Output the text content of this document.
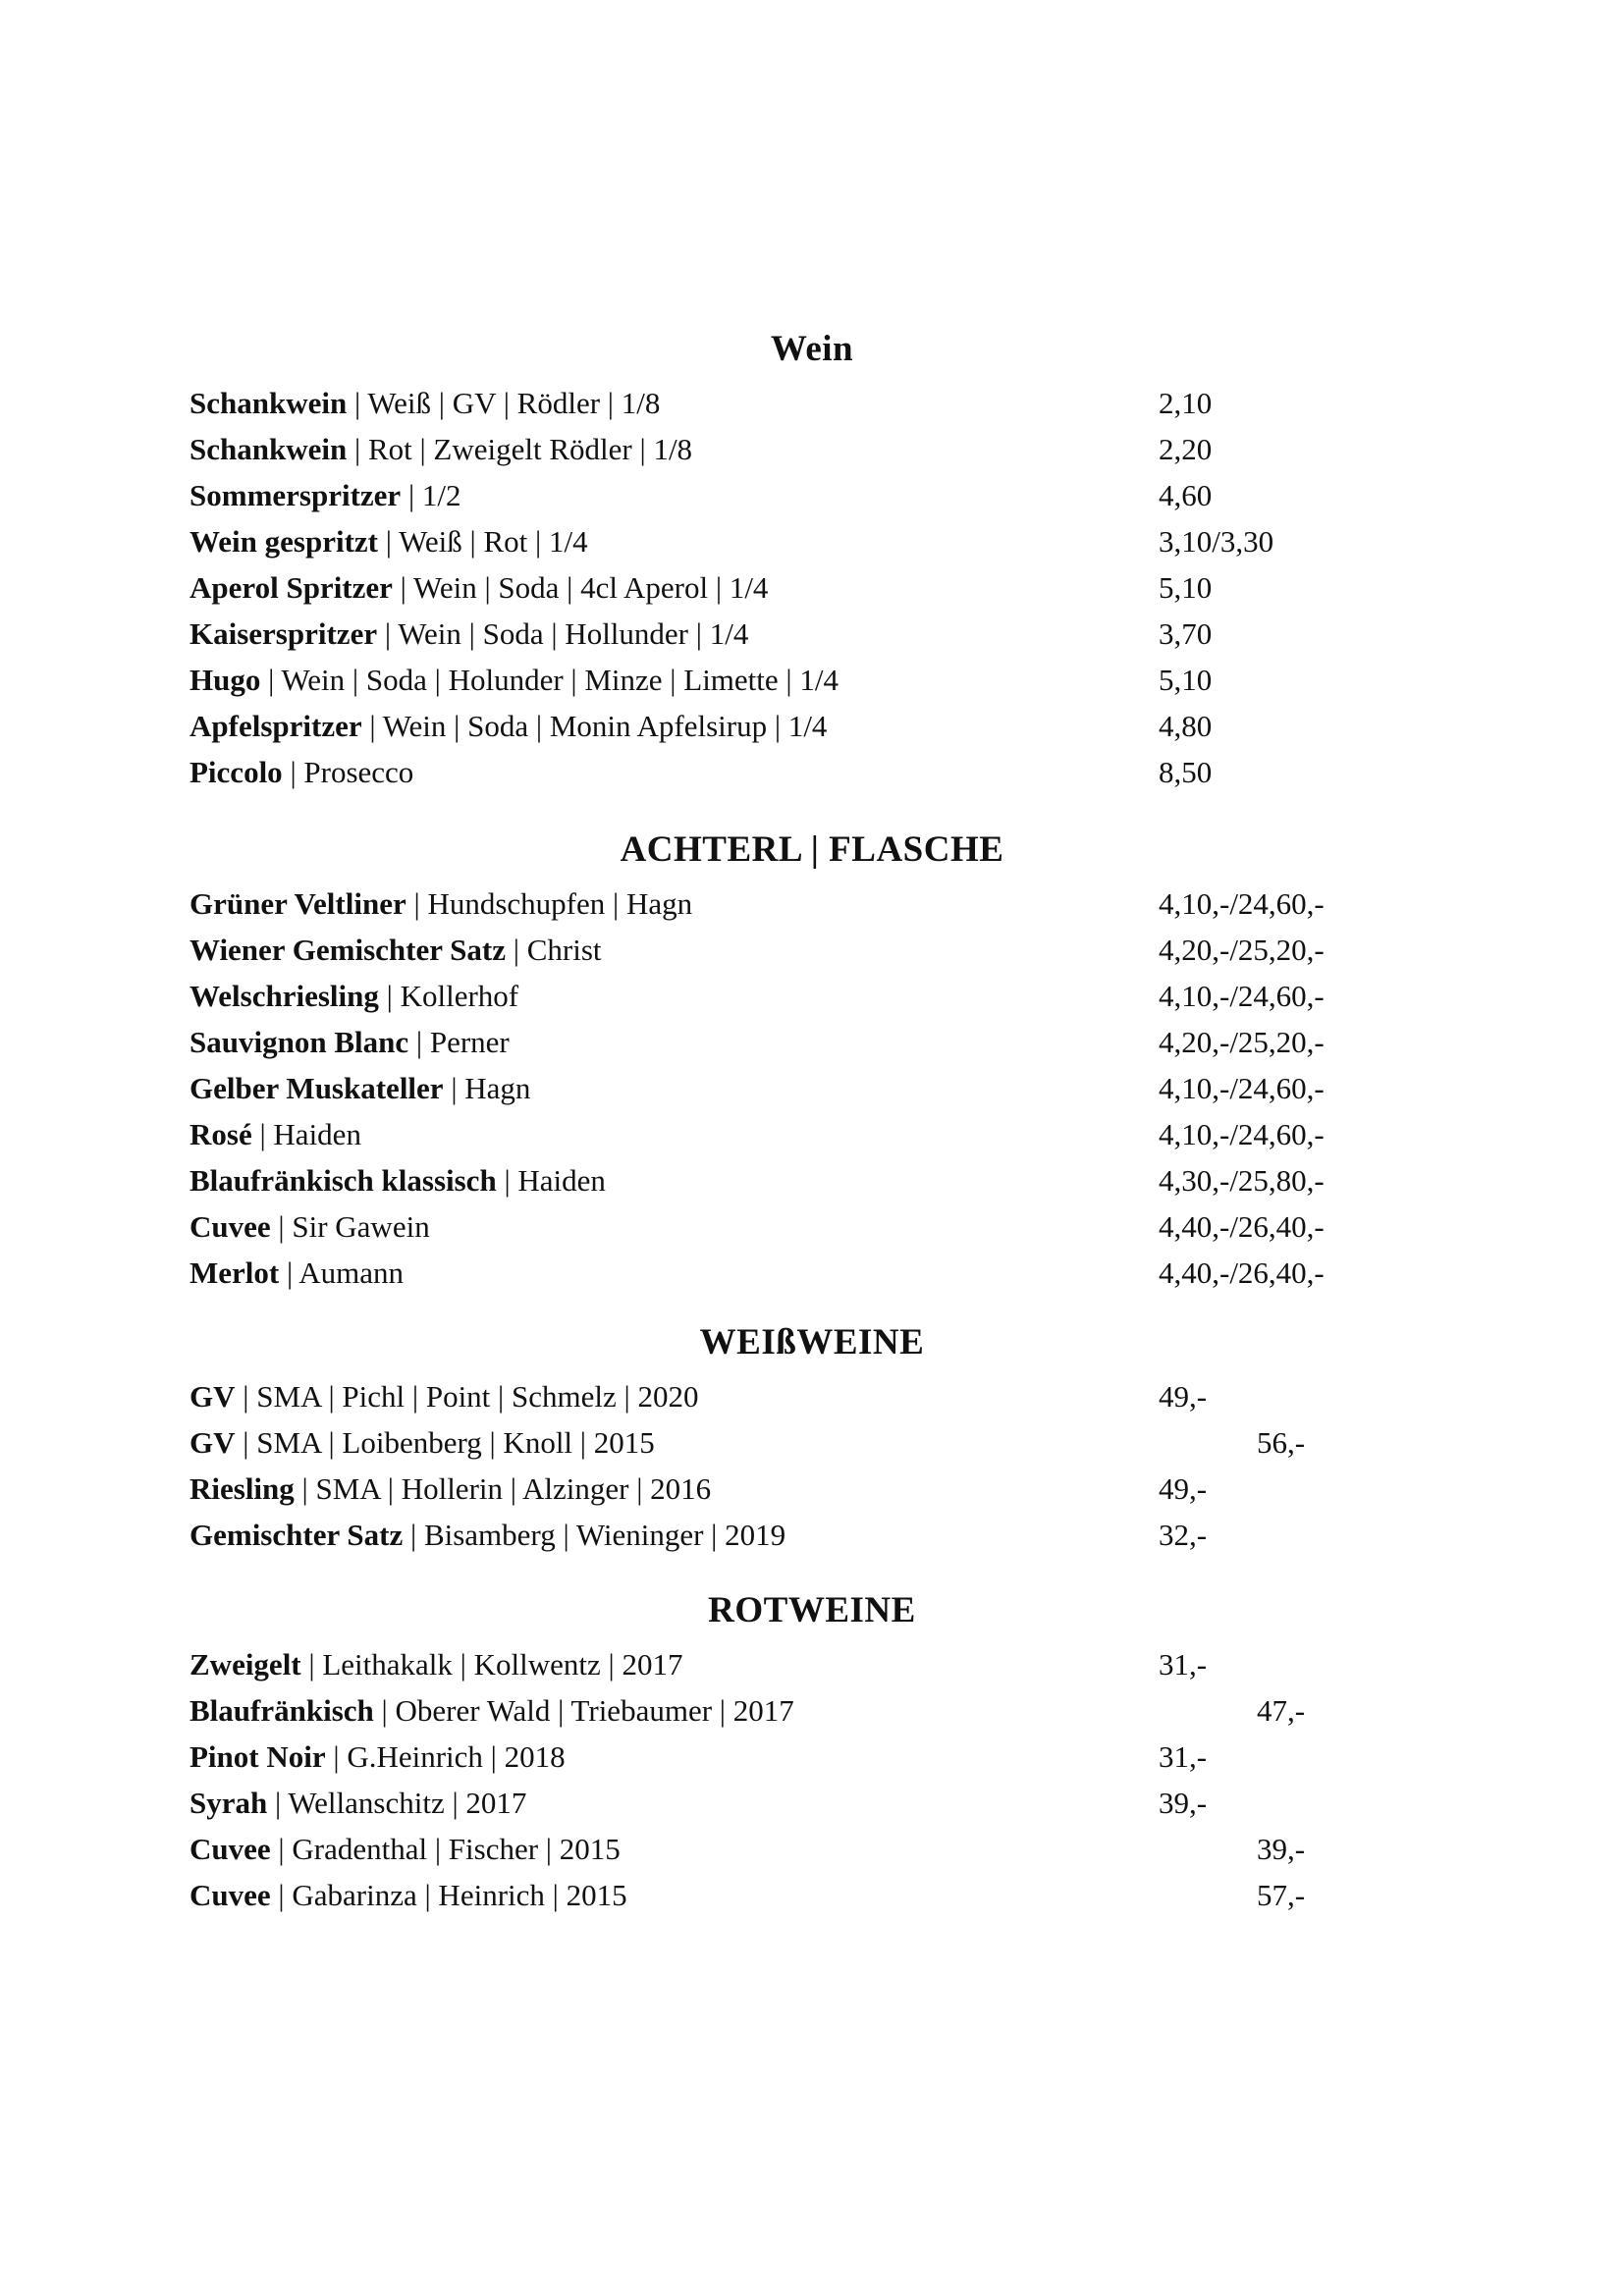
Wein
Schankwein | Weiß | GV | Rödler | 1/8	2,10
Schankwein | Rot | Zweigelt Rödler | 1/8	2,20
Sommerspritzer | 1/2	4,60
Wein gespritzt | Weiß | Rot | 1/4	3,10/3,30
Aperol Spritzer | Wein | Soda | 4cl Aperol | 1/4	5,10
Kaiserspritzer | Wein | Soda | Hollunder | 1/4	3,70
Hugo | Wein | Soda | Holunder | Minze | Limette | 1/4	5,10
Apfelspritzer | Wein | Soda | Monin Apfelsirup | 1/4	4,80
Piccolo | Prosecco	8,50
ACHTERL | FLASCHE
Grüner Veltliner | Hundschupfen | Hagn	4,10,-/24,60,-
Wiener Gemischter Satz | Christ	4,20,-/25,20,-
Welschriesling | Kollerhof	4,10,-/24,60,-
Sauvignon Blanc | Perner	4,20,-/25,20,-
Gelber Muskateller | Hagn	4,10,-/24,60,-
Rosé | Haiden	4,10,-/24,60,-
Blaufränkisch klassisch | Haiden	4,30,-/25,80,-
Cuvee | Sir Gawein	4,40,-/26,40,-
Merlot | Aumann	4,40,-/26,40,-
WEIßWEINE
GV | SMA | Pichl | Point | Schmelz | 2020	49,-
GV | SMA | Loibenberg | Knoll | 2015	56,-
Riesling | SMA | Hollerin | Alzinger | 2016	49,-
Gemischter Satz | Bisamberg | Wieninger | 2019	32,-
ROTWEINE
Zweigelt | Leithakalk | Kollwentz | 2017	31,-
Blaufränkisch | Oberer Wald | Triebaumer | 2017	47,-
Pinot Noir | G.Heinrich | 2018	31,-
Syrah | Wellanschitz | 2017	39,-
Cuvee | Gradenthal | Fischer | 2015	39,-
Cuvee | Gabarinza | Heinrich | 2015	57,-
